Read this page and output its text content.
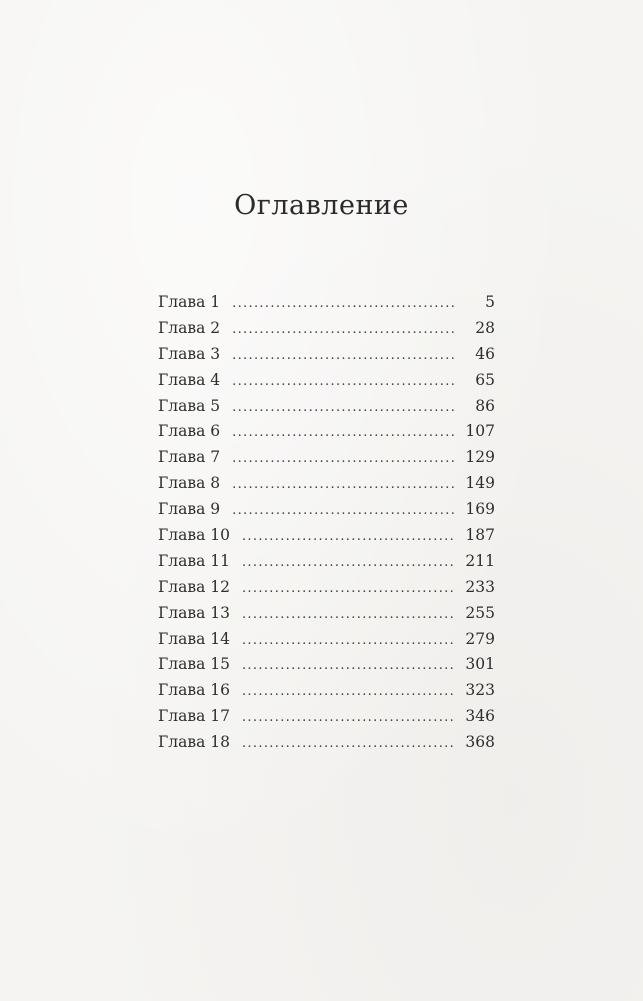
Оглавление
Глава 1 . . .	5
Глава 2 . . .	28
Глава 3 . . .	46
Глава 4 . . .	65
Глава 5 . . .	86
Глава 6 . . .	107
Глава 7 . . .	129
Глава 8 . . .	149
Глава 9 . . .	169
Глава 10 . . .	187
Глава 11 . . .	211
Глава 12 . . .	233
Глава 13 . . .	255
Глава 14 . . .	279
Глава 15 . . .	301
Глава 16 . . .	323
Глава 17 . . .	346
Глава 18 . . .	368
